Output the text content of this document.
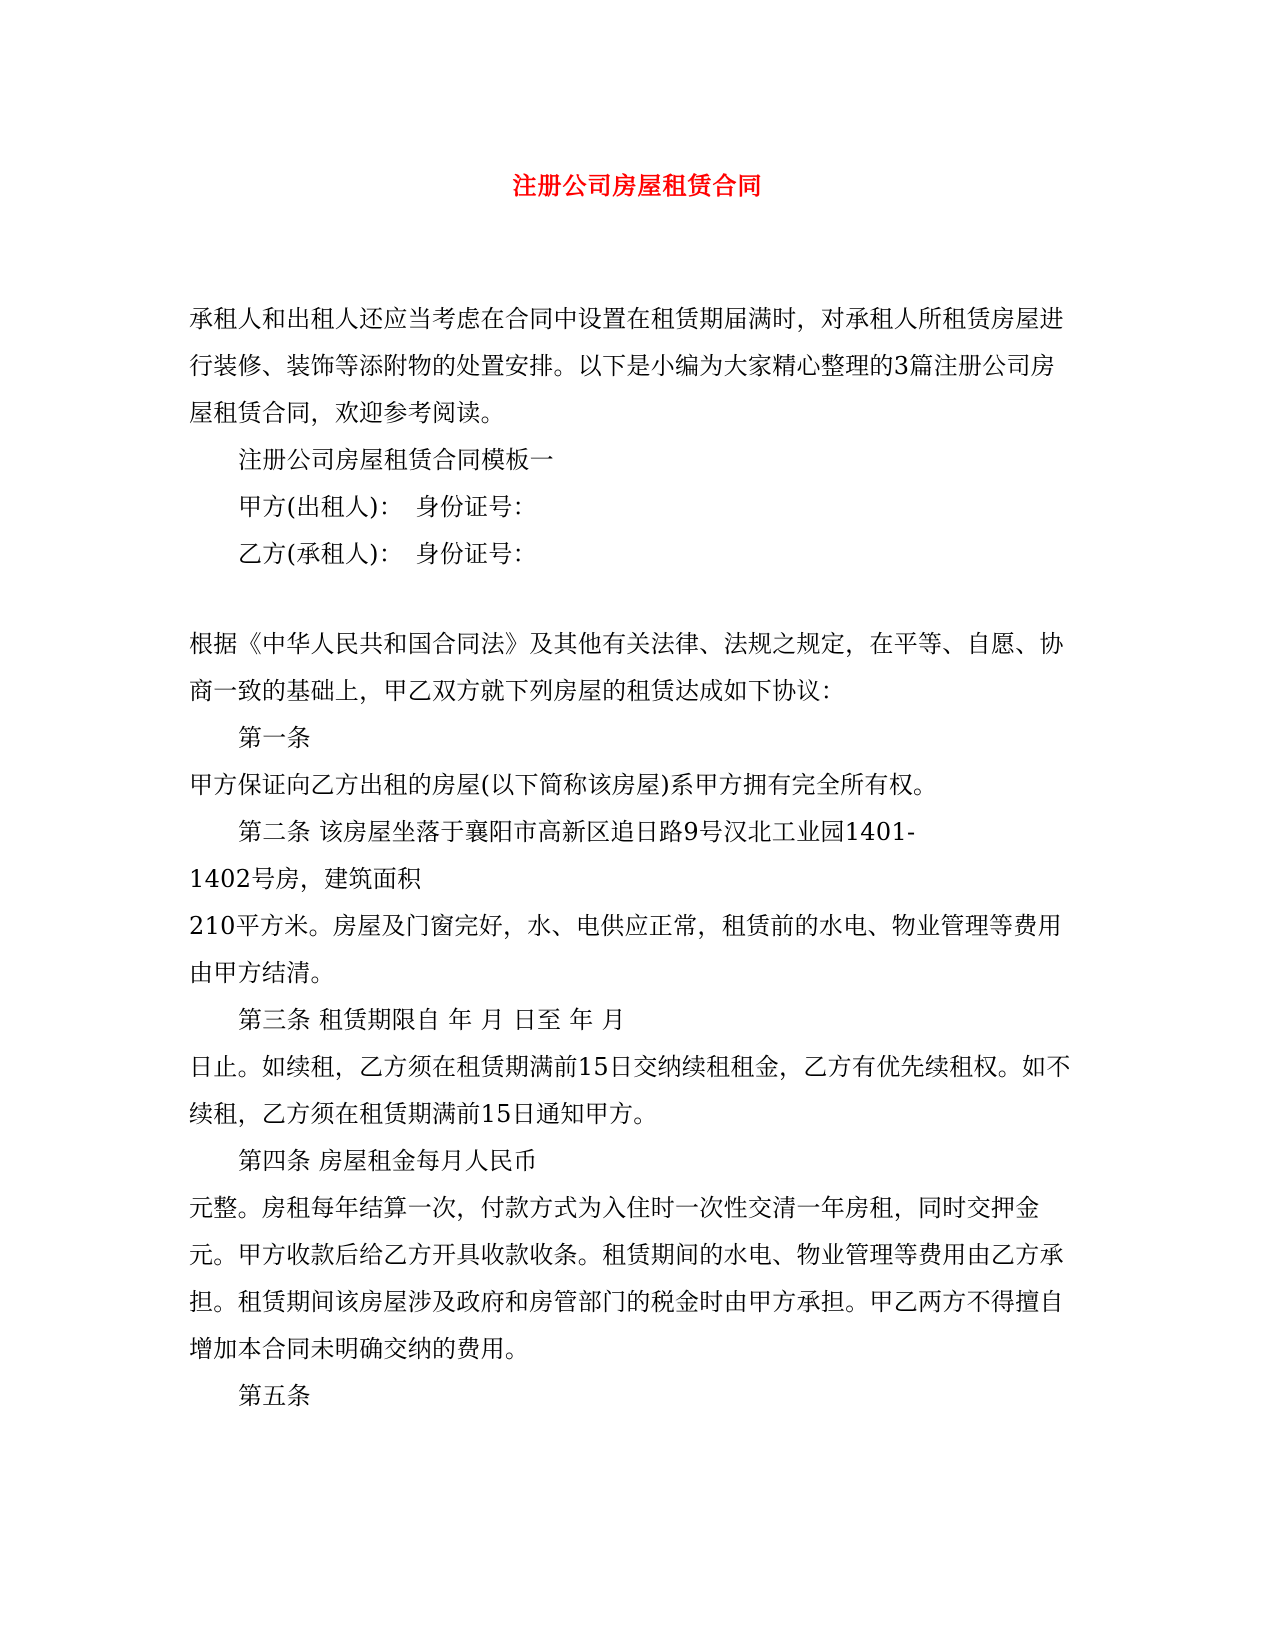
注册公司房屋租赁合同
承租人和出租人还应当考虑在合同中设置在租赁期届满时，对承租人所租赁房屋进
行装修、装饰等添附物的处置安排。以下是小编为大家精心整理的3篇注册公司房
屋租赁合同，欢迎参考阅读。
注册公司房屋租赁合同模板一
甲方(出租人)：　身份证号：
乙方(承租人)：　身份证号：
根据《中华人民共和国合同法》及其他有关法律、法规之规定，在平等、自愿、协
商一致的基础上，甲乙双方就下列房屋的租赁达成如下协议：
第一条
甲方保证向乙方出租的房屋(以下简称该房屋)系甲方拥有完全所有权。
第二条 该房屋坐落于襄阳市高新区追日路9号汉北工业园1401-
1402号房，建筑面积
210平方米。房屋及门窗完好，水、电供应正常，租赁前的水电、物业管理等费用
由甲方结清。
第三条 租赁期限自 年 月 日至 年 月
日止。如续租，乙方须在租赁期满前15日交纳续租租金，乙方有优先续租权。如不
续租，乙方须在租赁期满前15日通知甲方。
第四条 房屋租金每月人民币
元整。房租每年结算一次，付款方式为入住时一次性交清一年房租，同时交押金
元。甲方收款后给乙方开具收款收条。租赁期间的水电、物业管理等费用由乙方承
担。租赁期间该房屋涉及政府和房管部门的税金时由甲方承担。甲乙两方不得擅自
增加本合同未明确交纳的费用。
第五条
